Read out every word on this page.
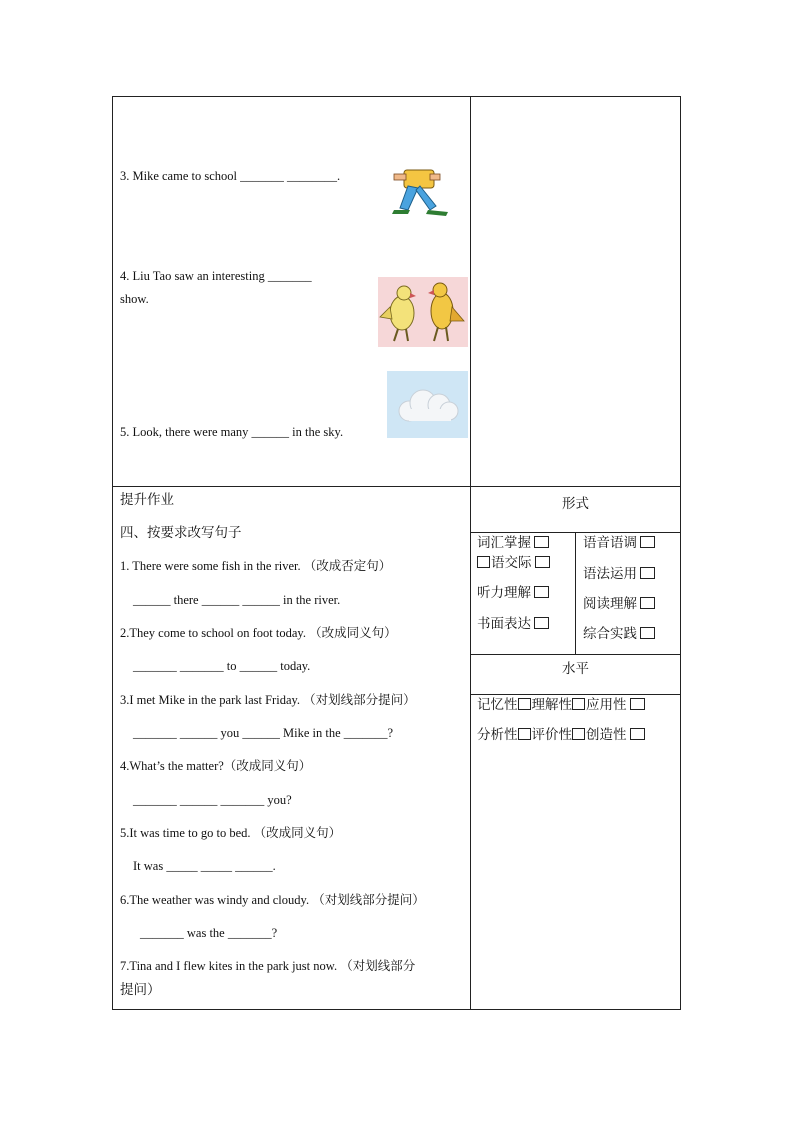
3. Mike came to school _______ ________.
4. Liu Tao saw an interesting _______
show.
5. Look, there were many ______ in the sky.
提升作业
四、按要求改写句子
1. There were some fish in the river. （改成否定句）
______ there ______ ______ in the river.
2.They come to school on foot today. （改成同义句）
_______ _______ to ______ today.
3.I met Mike in the park last Friday. （对划线部分提问）
_______ ______ you ______ Mike in the _______?
4.What’s the matter?（改成同义句）
_______ ______ _______ you?
5.It was time to go to bed. （改成同义句）
It was _____ _____ ______.
6.The weather was windy and cloudy. （对划线部分提问）
_______ was the _______?
7.Tina and I flew kites in the park just now. （对划线部分
提问）
形式
词汇掌握
语交际
听力理解
书面表达
语音语调
语法运用
阅读理解
综合实践
水平
记忆性 理解性 应用性
分析性 评价性 创造性
